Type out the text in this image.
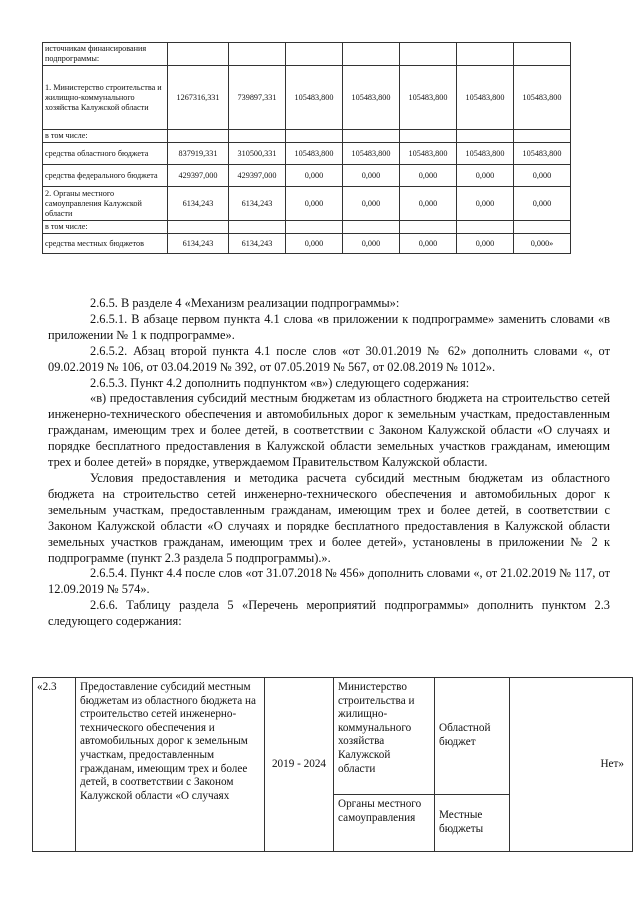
источникам финансирования подпрограммы:							
1. Министерство строительства и жилищно-коммунального хозяйства Калужской области	1267316,331	739897,331	105483,800	105483,800	105483,800	105483,800	105483,800
в том числе:							
средства областного бюджета	837919,331	310500,331	105483,800	105483,800	105483,800	105483,800	105483,800
средства федерального бюджета	429397,000	429397,000	0,000	0,000	0,000	0,000	0,000
2. Органы местного самоуправления Калужской области	6134,243	6134,243	0,000	0,000	0,000	0,000	0,000
в том числе:							
средства местных бюджетов	6134,243	6134,243	0,000	0,000	0,000	0,000	0,000»

2.6.5. В разделе 4 «Механизм реализации подпрограммы»:

2.6.5.1. В абзаце первом пункта 4.1 слова «в приложении к подпрограмме» заменить словами «в приложении № 1 к подпрограмме».

2.6.5.2. Абзац второй пункта 4.1 после слов «от 30.01.2019 № 62» дополнить словами «, от 09.02.2019 № 106, от 03.04.2019 № 392, от 07.05.2019 № 567, от 02.08.2019 № 1012».

2.6.5.3. Пункт 4.2 дополнить подпунктом «в») следующего содержания:

«в) предоставления субсидий местным бюджетам из областного бюджета на строительство сетей инженерно-технического обеспечения и автомобильных дорог к земельным участкам, предоставленным гражданам, имеющим трех и более детей, в соответствии с Законом Калужской области «О случаях и порядке бесплатного предоставления в Калужской области земельных участков гражданам, имеющим трех и более детей» в порядке, утверждаемом Правительством Калужской области.

Условия предоставления и методика расчета субсидий местным бюджетам из областного бюджета на строительство сетей инженерно-технического обеспечения и автомобильных дорог к земельным участкам, предоставленным гражданам, имеющим трех и более детей, в соответствии с Законом Калужской области «О случаях и порядке бесплатного предоставления в Калужской области земельных участков гражданам, имеющим трех и более детей», установлены в приложении № 2 к подпрограмме (пункт 2.3 раздела 5 подпрограммы).».

2.6.5.4. Пункт 4.4 после слов «от 31.07.2018 № 456» дополнить словами «, от 21.02.2019 № 117, от 12.09.2019 № 574».

2.6.6. Таблицу раздела 5 «Перечень мероприятий подпрограммы» дополнить пунктом 2.3 следующего содержания:

«2.3	Предоставление субсидий местным бюджетам из областного бюджета на строительство сетей инженерно-технического обеспечения и автомобильных дорог к земельным участкам, предоставленным гражданам, имеющим трех и более детей, в соответствии с Законом Калужской области «О случаях	2019 - 2024	Министерство строительства и жилищно-коммунального хозяйства Калужской области	Областной бюджет	Нет»
			Органы местного самоуправления	Местные бюджеты	
